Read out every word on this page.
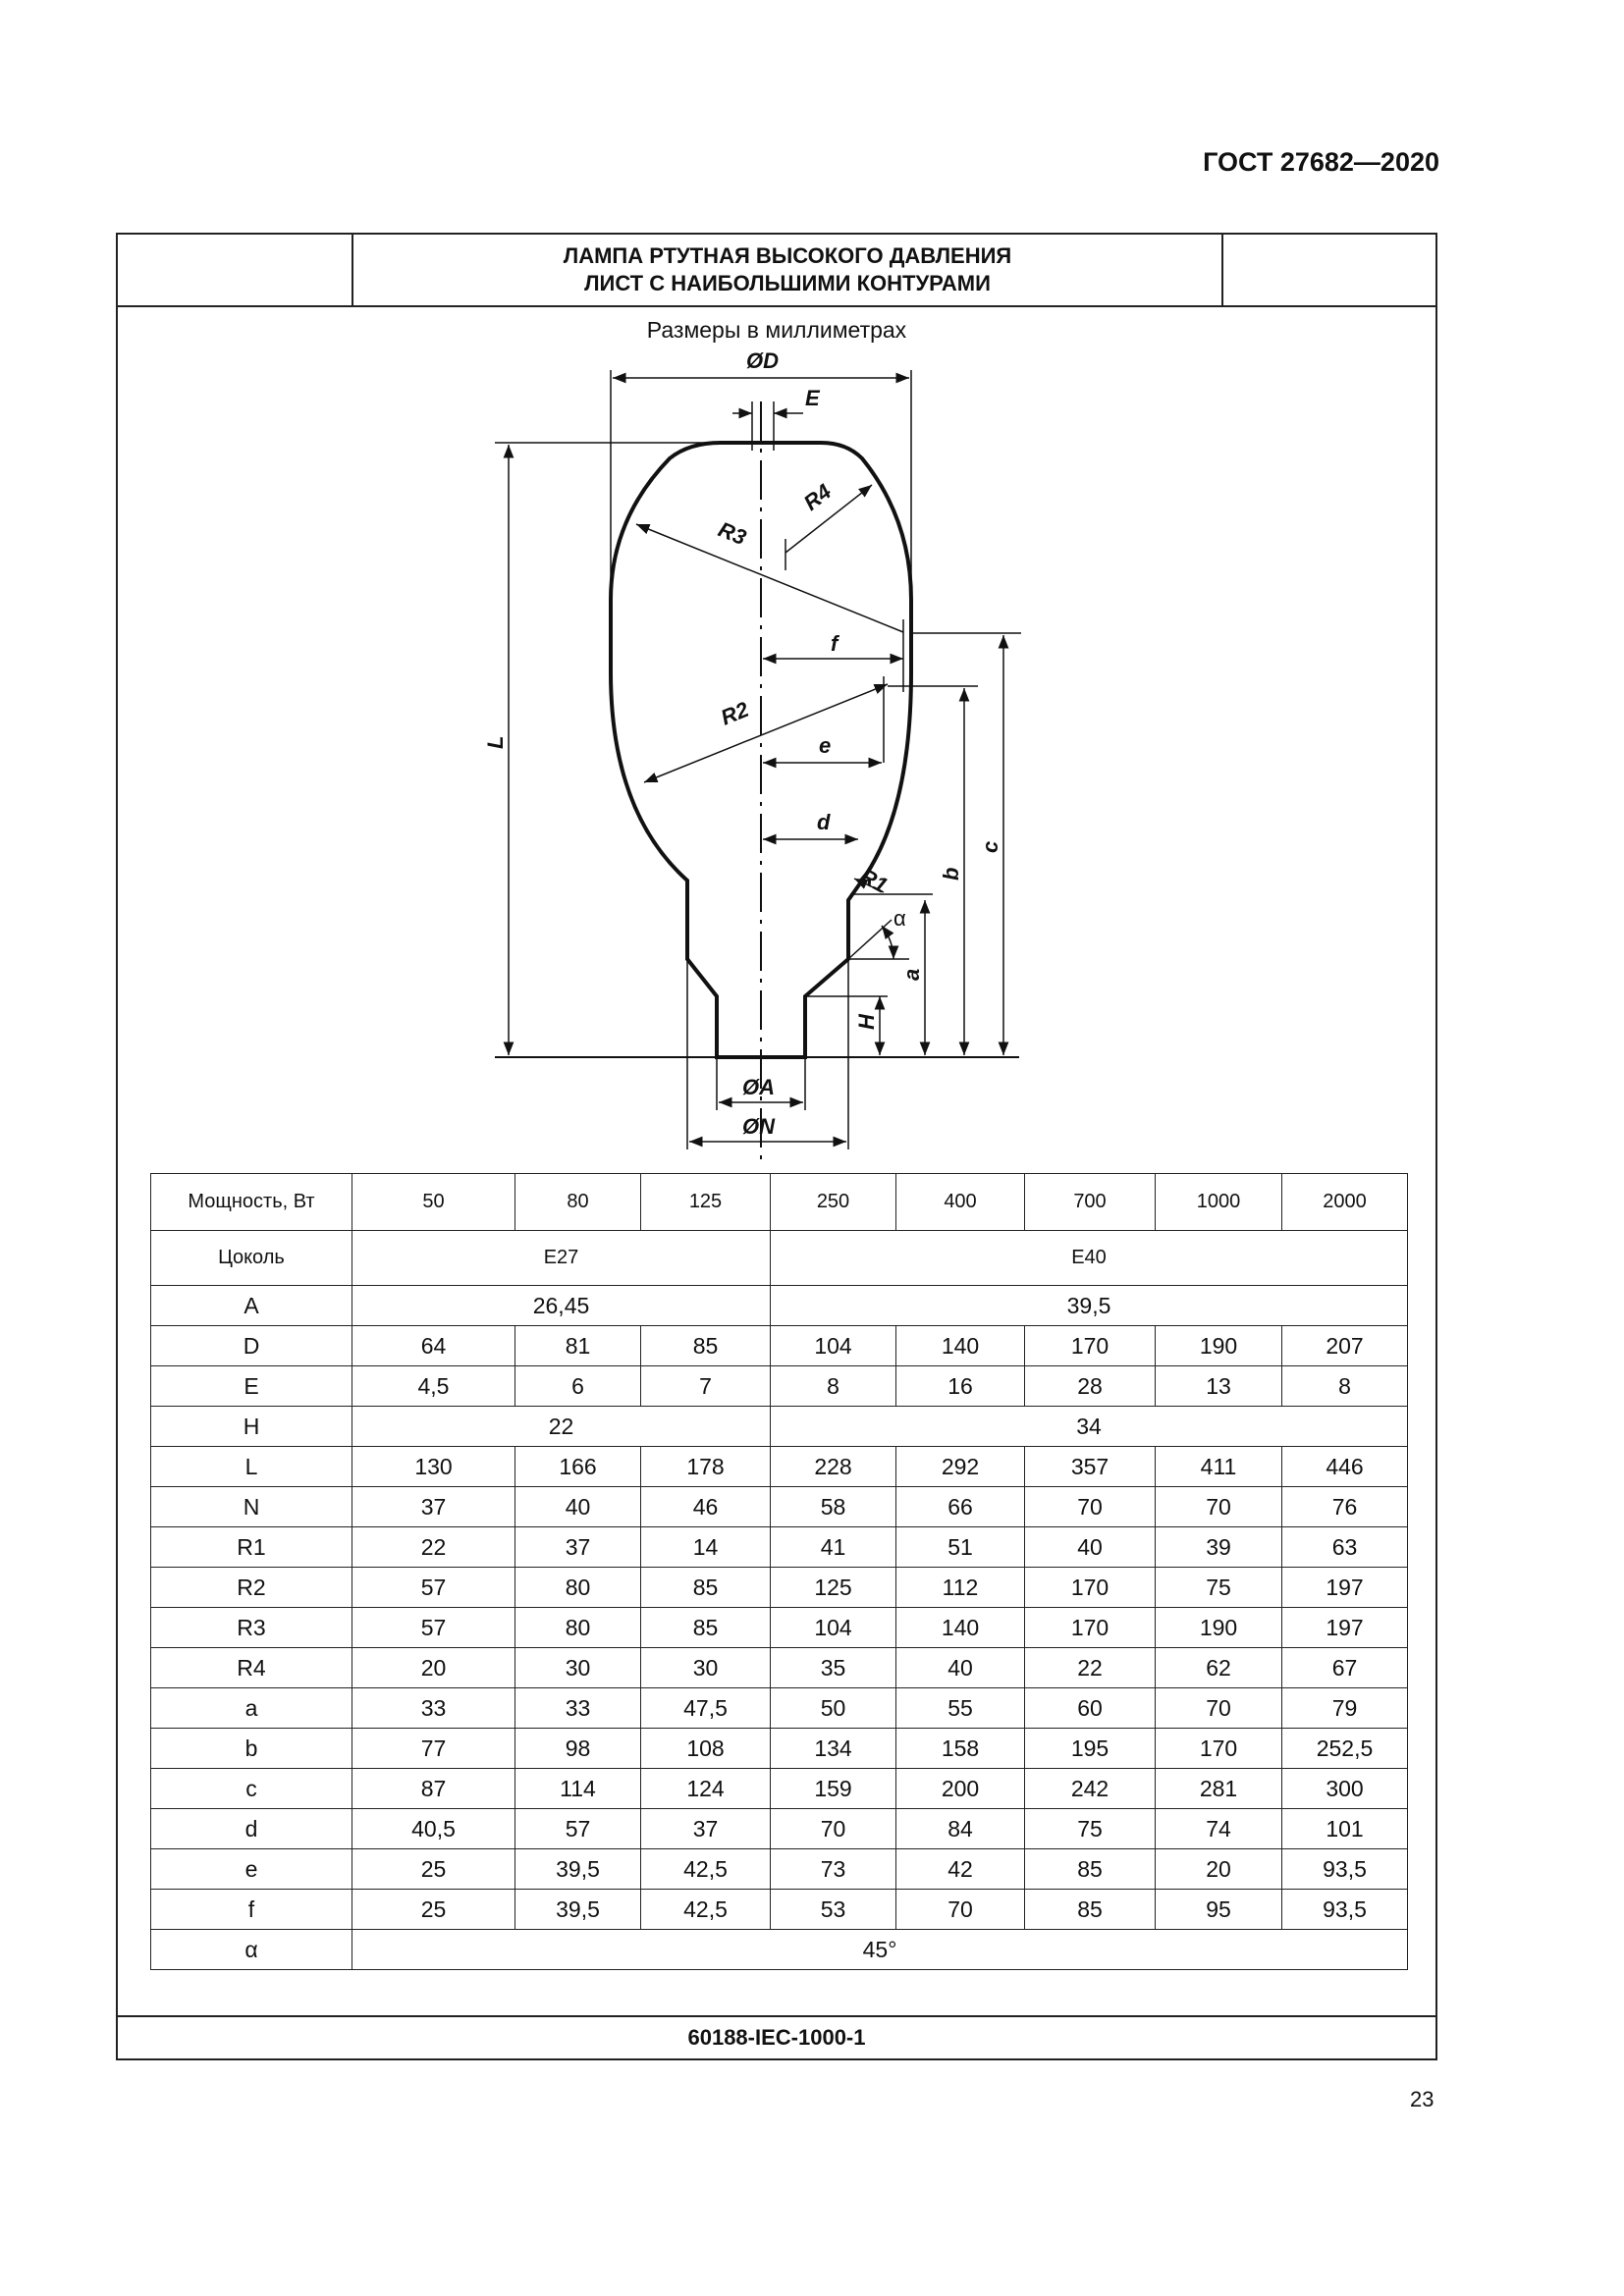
ГОСТ 27682—2020
ЛАМПА РТУТНАЯ ВЫСОКОГО ДАВЛЕНИЯ
ЛИСТ С НАИБОЛЬШИМИ КОНТУРАМИ
Размеры в миллиметрах
ØD
E
R4
R3
f
R2
e
d
R1
α
a
H
b
c
L
ØA
ØN
Мощность, Вт	50	80	125	250	400	700	1000	2000
Цоколь	E27			E40				
A	26,45			39,5				
D	64	81	85	104	140	170	190	207
E	4,5	6	7	8	16	28	13	8
H	22			34				
L	130	166	178	228	292	357	411	446
N	37	40	46	58	66	70	70	76
R1	22	37	14	41	51	40	39	63
R2	57	80	85	125	112	170	75	197
R3	57	80	85	104	140	170	190	197
R4	20	30	30	35	40	22	62	67
a	33	33	47,5	50	55	60	70	79
b	77	98	108	134	158	195	170	252,5
c	87	114	124	159	200	242	281	300
d	40,5	57	37	70	84	75	74	101
e	25	39,5	42,5	73	42	85	20	93,5
f	25	39,5	42,5	53	70	85	95	93,5
α	45°							
60188-IEC-1000-1
23
